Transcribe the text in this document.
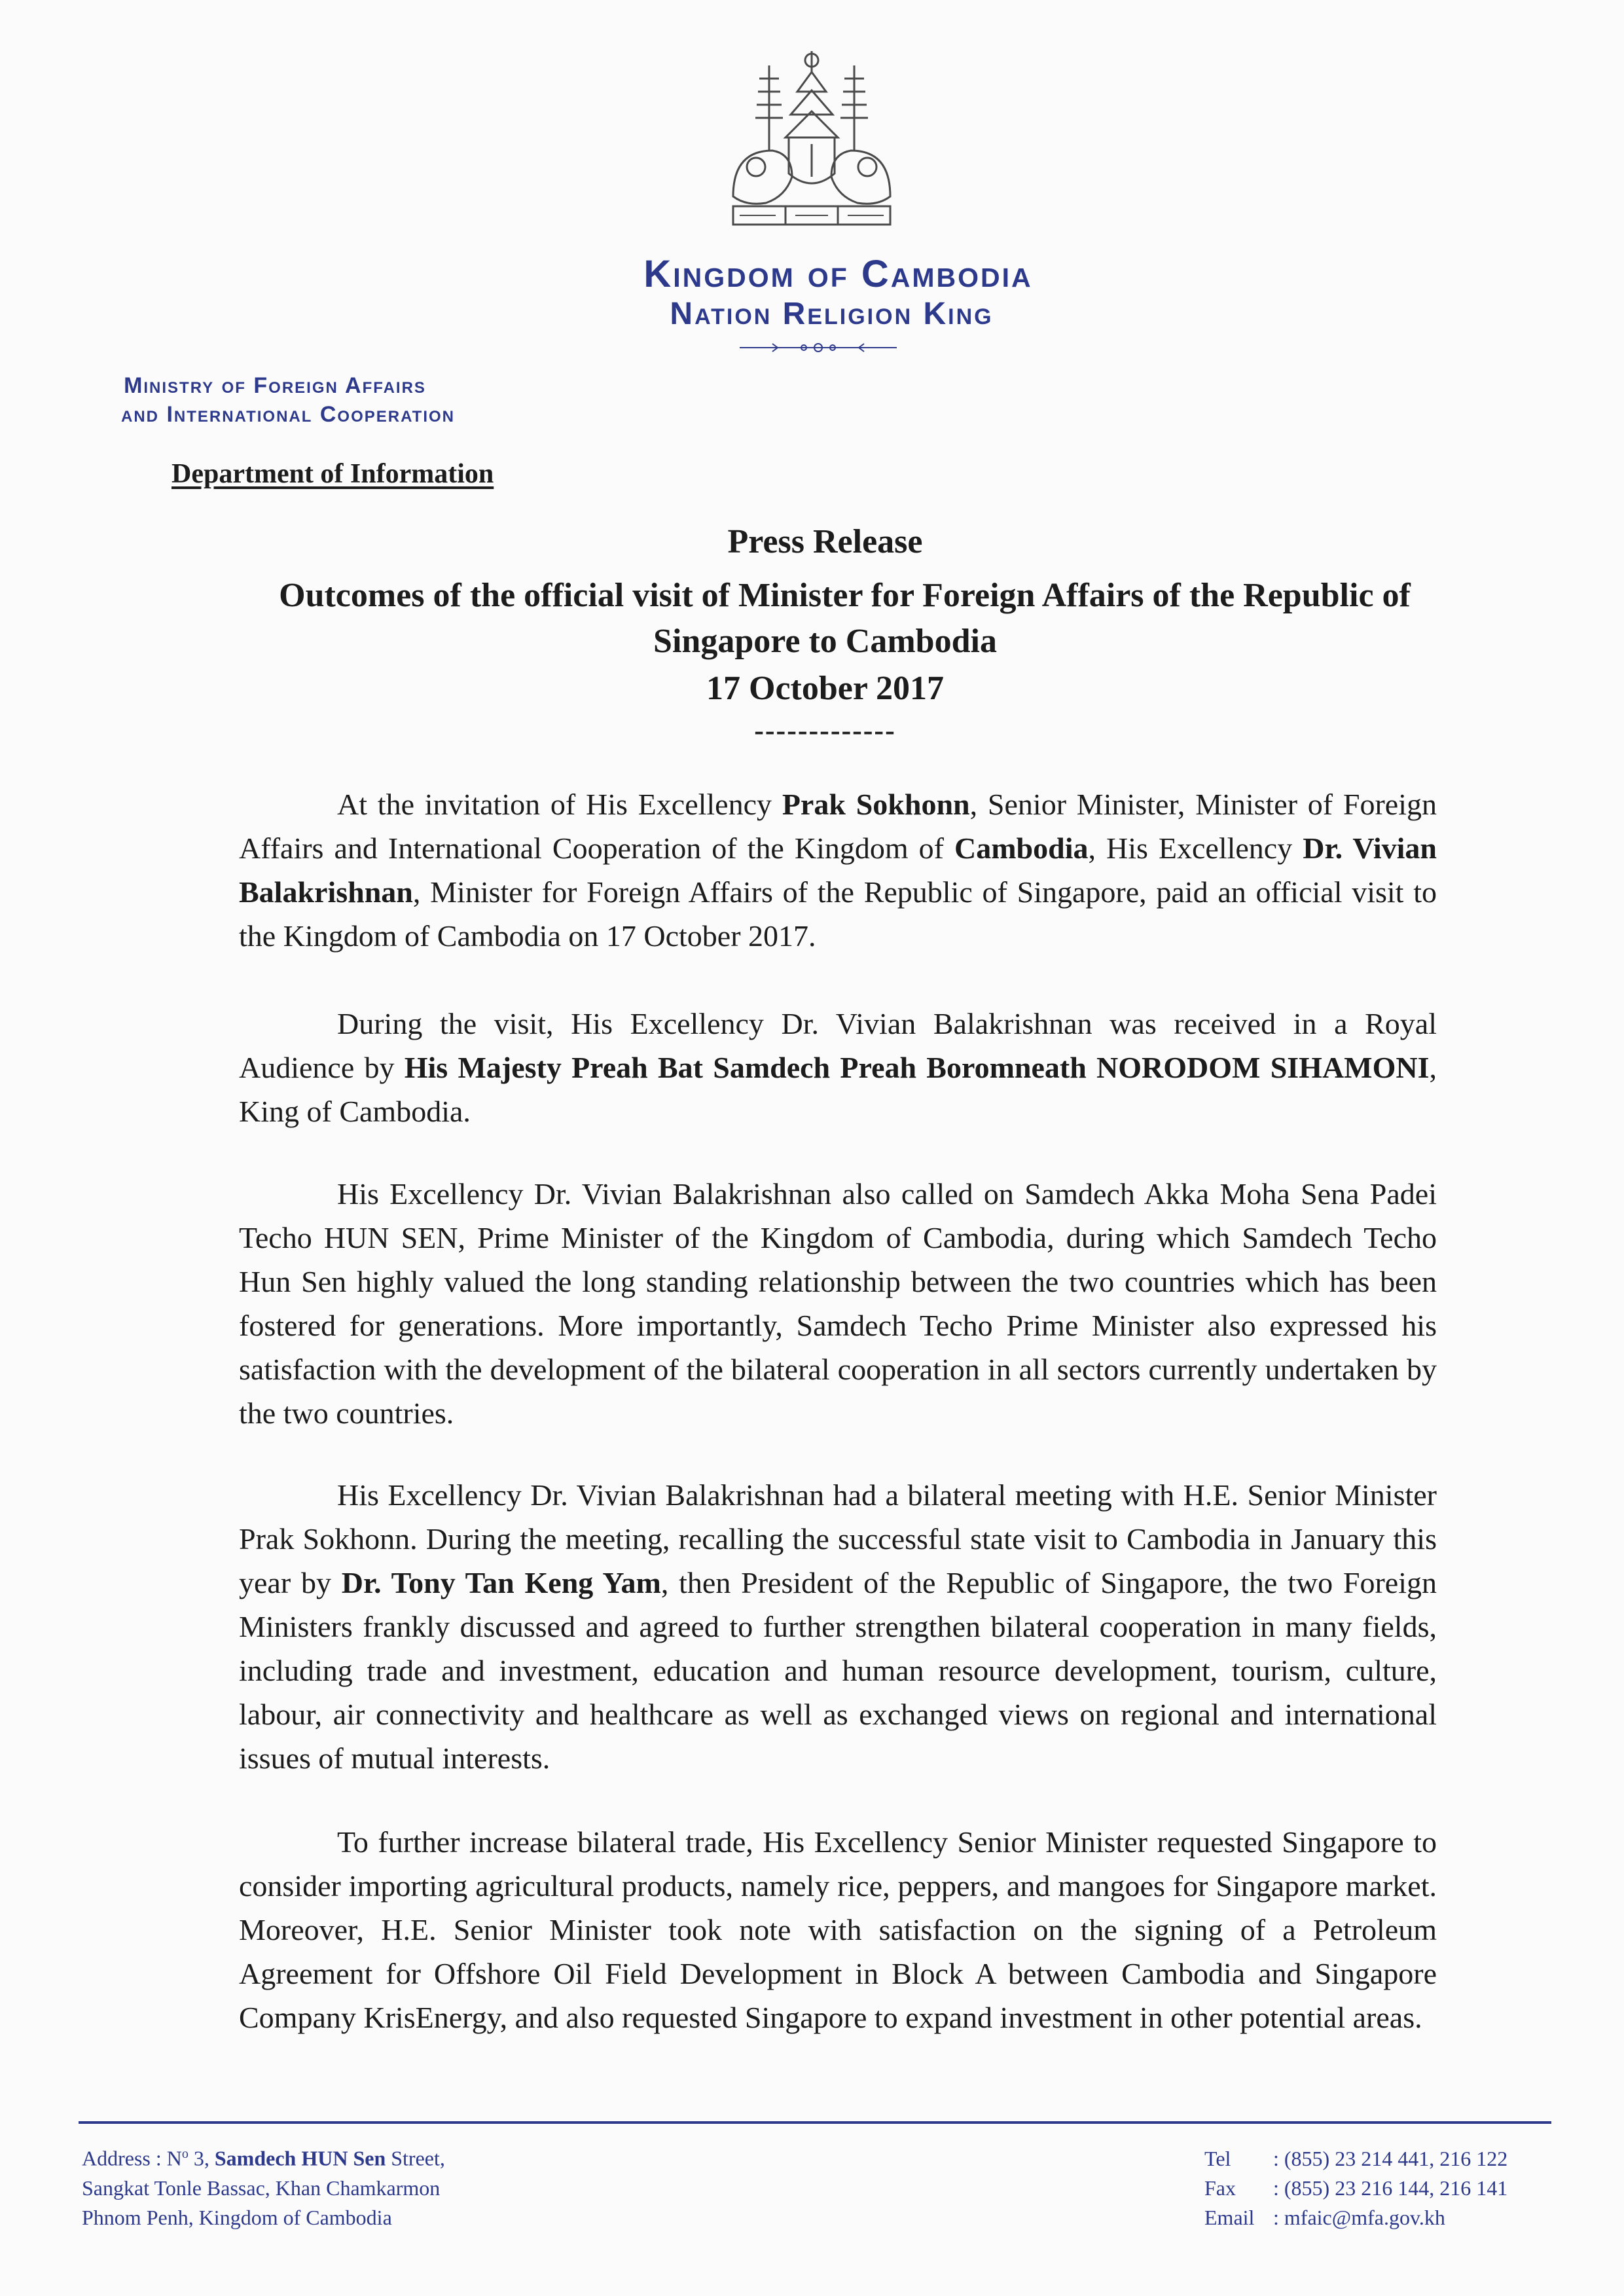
Kingdom of Cambodia
Nation Religion King
Ministry of Foreign Affairs
and International Cooperation
Department of Information
Press Release
Outcomes of the official visit of Minister for Foreign Affairs of the Republic of
Singapore to Cambodia
17 October 2017
-------------

At the invitation of His Excellency Prak Sokhonn, Senior Minister, Minister of Foreign Affairs and International Cooperation of the Kingdom of Cambodia, His Excellency Dr. Vivian Balakrishnan, Minister for Foreign Affairs of the Republic of Singapore, paid an official visit to the Kingdom of Cambodia on 17 October 2017.

During the visit, His Excellency Dr. Vivian Balakrishnan was received in a Royal Audience by His Majesty Preah Bat Samdech Preah Boromneath NORODOM SIHAMONI, King of Cambodia.

His Excellency Dr. Vivian Balakrishnan also called on Samdech Akka Moha Sena Padei Techo HUN SEN, Prime Minister of the Kingdom of Cambodia, during which Samdech Techo Hun Sen highly valued the long standing relationship between the two countries which has been fostered for generations. More importantly, Samdech Techo Prime Minister also expressed his satisfaction with the development of the bilateral cooperation in all sectors currently undertaken by the two countries.

His Excellency Dr. Vivian Balakrishnan had a bilateral meeting with H.E. Senior Minister Prak Sokhonn. During the meeting, recalling the successful state visit to Cambodia in January this year by Dr. Tony Tan Keng Yam, then President of the Republic of Singapore, the two Foreign Ministers frankly discussed and agreed to further strengthen bilateral cooperation in many fields, including trade and investment, education and human resource development, tourism, culture, labour, air connectivity and healthcare as well as exchanged views on regional and international issues of mutual interests.

To further increase bilateral trade, His Excellency Senior Minister requested Singapore to consider importing agricultural products, namely rice, peppers, and mangoes for Singapore market. Moreover, H.E. Senior Minister took note with satisfaction on the signing of a Petroleum Agreement for Offshore Oil Field Development in Block A between Cambodia and Singapore Company KrisEnergy, and also requested Singapore to expand investment in other potential areas.

Address : $N^o$ 3, Samdech HUN Sen Street,
Sangkat Tonle Bassac, Khan Chamkarmon
Phnom Penh, Kingdom of Cambodia
Tel	: (855) 23 214 441, 216 122
Fax	: (855) 23 216 144, 216 141
Email : mfaic@mfa.gov.kh
